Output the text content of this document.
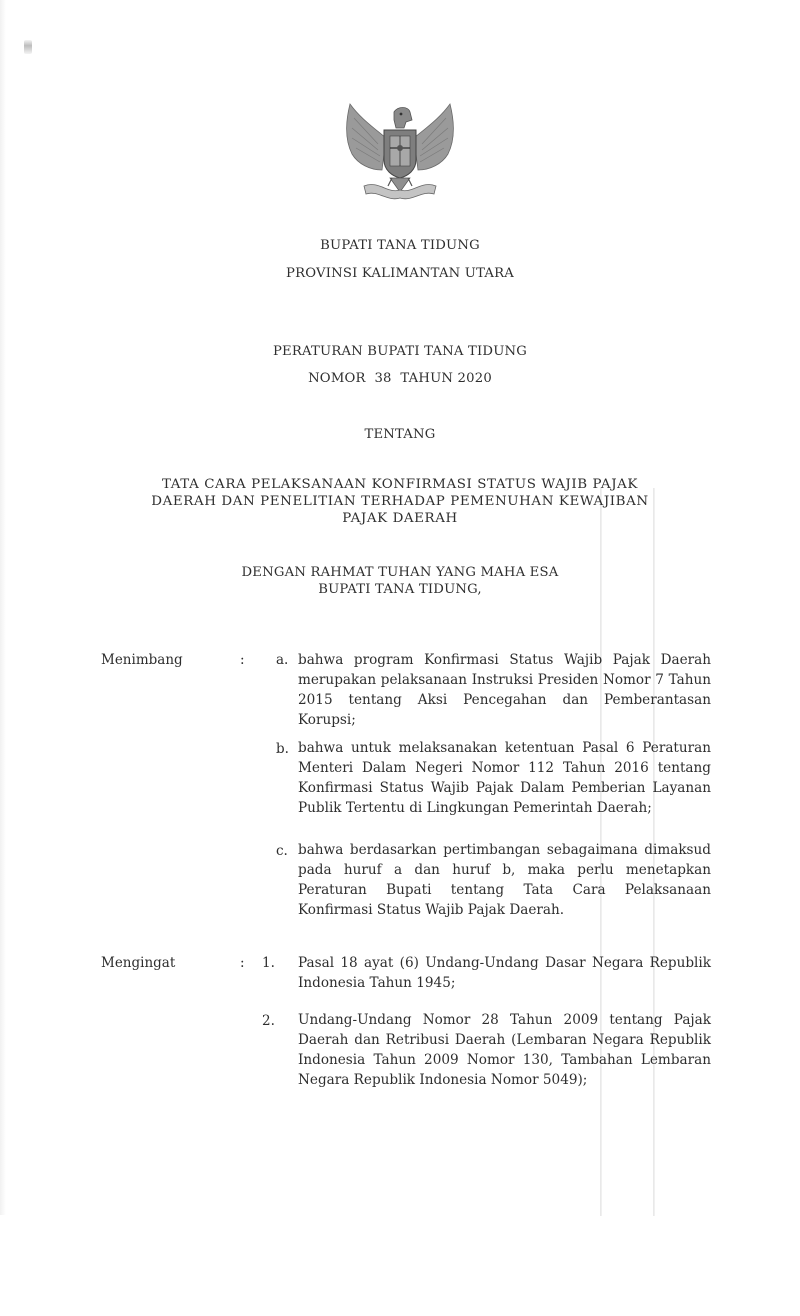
BUPATI TANA TIDUNG
PROVINSI KALIMANTAN UTARA
PERATURAN BUPATI TANA TIDUNG
NOMOR  38  TAHUN 2020
TENTANG
TATA CARA PELAKSANAAN KONFIRMASI STATUS WAJIB PAJAK
DAERAH DAN PENELITIAN TERHADAP PEMENUHAN KEWAJIBAN
PAJAK DAERAH
DENGAN RAHMAT TUHAN YANG MAHA ESA
BUPATI TANA TIDUNG,
Menimbang	: a. bahwa program Konfirmasi Status Wajib Pajak Daerah merupakan pelaksanaan Instruksi Presiden Nomor 7 Tahun 2015 tentang Aksi Pencegahan dan Pemberantasan Korupsi;
b. bahwa untuk melaksanakan ketentuan Pasal 6 Peraturan Menteri Dalam Negeri Nomor 112 Tahun 2016 tentang Konfirmasi Status Wajib Pajak Dalam Pemberian Layanan Publik Tertentu di Lingkungan Pemerintah Daerah;
c. bahwa berdasarkan pertimbangan sebagaimana dimaksud pada huruf a dan huruf b, maka perlu menetapkan Peraturan Bupati tentang Tata Cara Pelaksanaan Konfirmasi Status Wajib Pajak Daerah.
Mengingat	: 1. Pasal 18 ayat (6) Undang-Undang Dasar Negara Republik Indonesia Tahun 1945;
2. Undang-Undang Nomor 28 Tahun 2009 tentang Pajak Daerah dan Retribusi Daerah (Lembaran Negara Republik Indonesia Tahun 2009 Nomor 130, Tambahan Lembaran Negara Republik Indonesia Nomor 5049);
